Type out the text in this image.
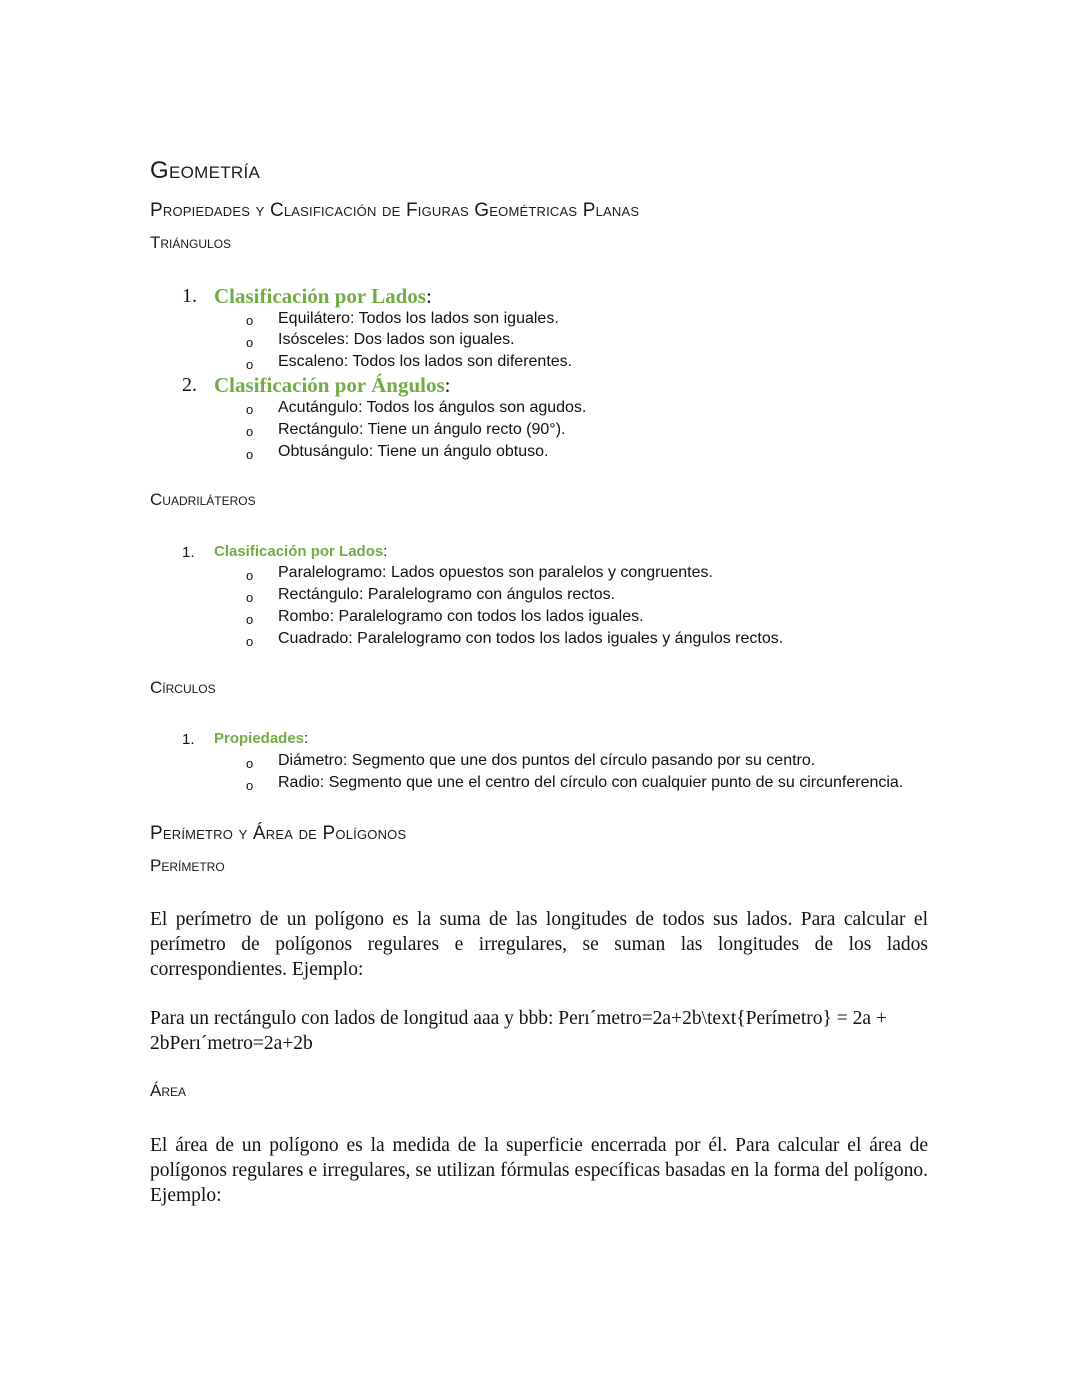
Geometría
Propiedades y Clasificación de Figuras Geométricas Planas
Triángulos
1. Clasificación por Lados:
o Equilátero: Todos los lados son iguales.
o Isósceles: Dos lados son iguales.
o Escaleno: Todos los lados son diferentes.
2. Clasificación por Ángulos:
o Acutángulo: Todos los ángulos son agudos.
o Rectángulo: Tiene un ángulo recto (90°).
o Obtusángulo: Tiene un ángulo obtuso.
Cuadriláteros
1. Clasificación por Lados:
o Paralelogramo: Lados opuestos son paralelos y congruentes.
o Rectángulo: Paralelogramo con ángulos rectos.
o Rombo: Paralelogramo con todos los lados iguales.
o Cuadrado: Paralelogramo con todos los lados iguales y ángulos rectos.
Círculos
1. Propiedades:
o Diámetro: Segmento que une dos puntos del círculo pasando por su centro.
o Radio: Segmento que une el centro del círculo con cualquier punto de su circunferencia.
Perímetro y Área de Polígonos
Perímetro
El perímetro de un polígono es la suma de las longitudes de todos sus lados. Para calcular el perímetro de polígonos regulares e irregulares, se suman las longitudes de los lados correspondientes. Ejemplo:
Para un rectángulo con lados de longitud aaa y bbb: Perı´metro=2a+2b\text{Perímetro} = 2a + 2bPerı´metro=2a+2b
Área
El área de un polígono es la medida de la superficie encerrada por él. Para calcular el área de polígonos regulares e irregulares, se utilizan fórmulas específicas basadas en la forma del polígono. Ejemplo:
